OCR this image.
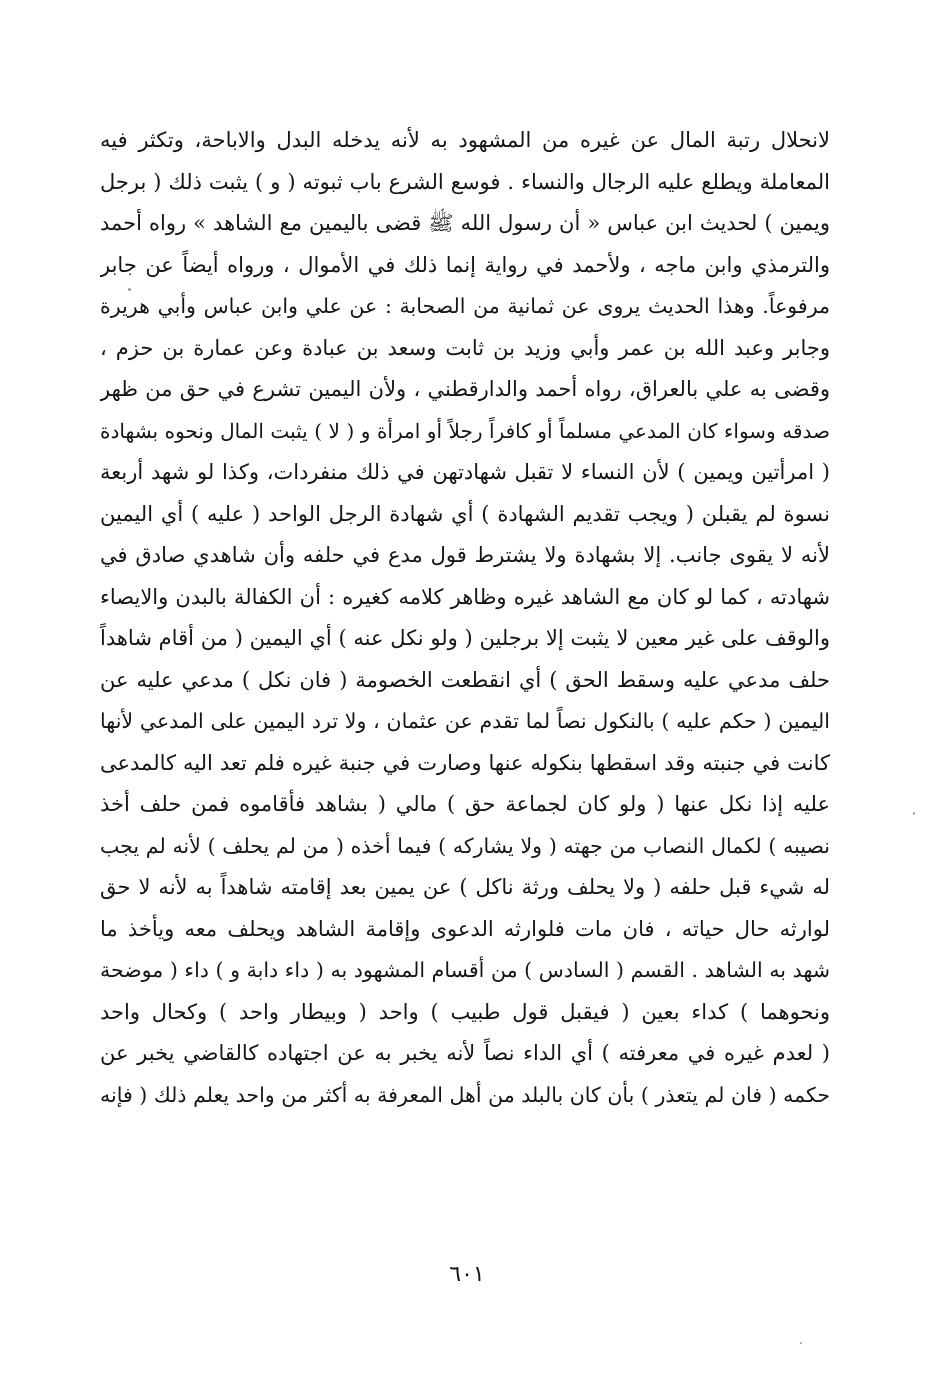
لانحلال رتبة المال عن غيره من المشهود به لأنه يدخله البدل والاباحة، وتكثر فيه
المعاملة ويطلع عليه الرجال والنساء . فوسع الشرع باب ثبوته ( و ) يثبت ذلك ( برجل
ويمين ) لحديث ابن عباس « أن رسول الله ﷺ قضى باليمين مع الشاهد » رواه أحمد
والترمذي وابن ماجه ، ولأحمد في رواية إنما ذلك في الأموال ، ورواه أيضاً عن جابر
مرفوعاً. وهذا الحديث يروى عن ثمانية من الصحابة : عن علي وابن عباس وأبي هريرة
وجابر وعبد الله بن عمر وأبي وزيد بن ثابت وسعد بن عبادة وعن عمارة بن حزم ،
وقضى به علي بالعراق، رواه أحمد والدارقطني ، ولأن اليمين تشرع في حق من ظهر
صدقه وسواء كان المدعي مسلماً أو كافراً رجلاً أو امرأة و ( لا ) يثبت المال ونحوه بشهادة
( امرأتين ويمين ) لأن النساء لا تقبل شهادتهن في ذلك منفردات، وكذا لو شهد أربعة
نسوة لم يقبلن ( ويجب تقديم الشهادة ) أي شهادة الرجل الواحد ( عليه ) أي اليمين
لأنه لا يقوى جانب. إلا بشهادة ولا يشترط قول مدع في حلفه وأن شاهدي صادق في
شهادته ، كما لو كان مع الشاهد غيره وظاهر كلامه كغيره : أن الكفالة بالبدن والايصاء
والوقف على غير معين لا يثبت إلا برجلين ( ولو نكل عنه ) أي اليمين ( من أقام شاهداً
حلف مدعي عليه وسقط الحق ) أي انقطعت الخصومة ( فان نكل ) مدعي عليه عن
اليمين ( حكم عليه ) بالنكول نصاً لما تقدم عن عثمان ، ولا ترد اليمين على المدعي لأنها
كانت في جنبته وقد اسقطها بنكوله عنها وصارت في جنبة غيره فلم تعد اليه كالمدعى
عليه إذا نكل عنها ( ولو كان لجماعة حق ) مالي ( بشاهد فأقاموه فمن حلف أخذ
نصيبه ) لكمال النصاب من جهته ( ولا يشاركه ) فيما أخذه ( من لم يحلف ) لأنه لم يجب
له شيء قبل حلفه ( ولا يحلف ورثة ناكل ) عن يمين بعد إقامته شاهداً به لأنه لا حق
لوارثه حال حياته ، فان مات فلوارثه الدعوى وإقامة الشاهد ويحلف معه ويأخذ ما
شهد به الشاهد . القسم ( السادس ) من أقسام المشهود به ( داء دابة و ) داء ( موضحة
ونحوهما ) كداء بعين ( فيقبل قول طبيب ) واحد ( وبيطار واحد ) وكحال واحد
( لعدم غيره في معرفته ) أي الداء نصاً لأنه يخبر به عن اجتهاده كالقاضي يخبر عن
حكمه ( فان لم يتعذر ) بأن كان بالبلد من أهل المعرفة به أكثر من واحد يعلم ذلك ( فإنه
٦٠١
